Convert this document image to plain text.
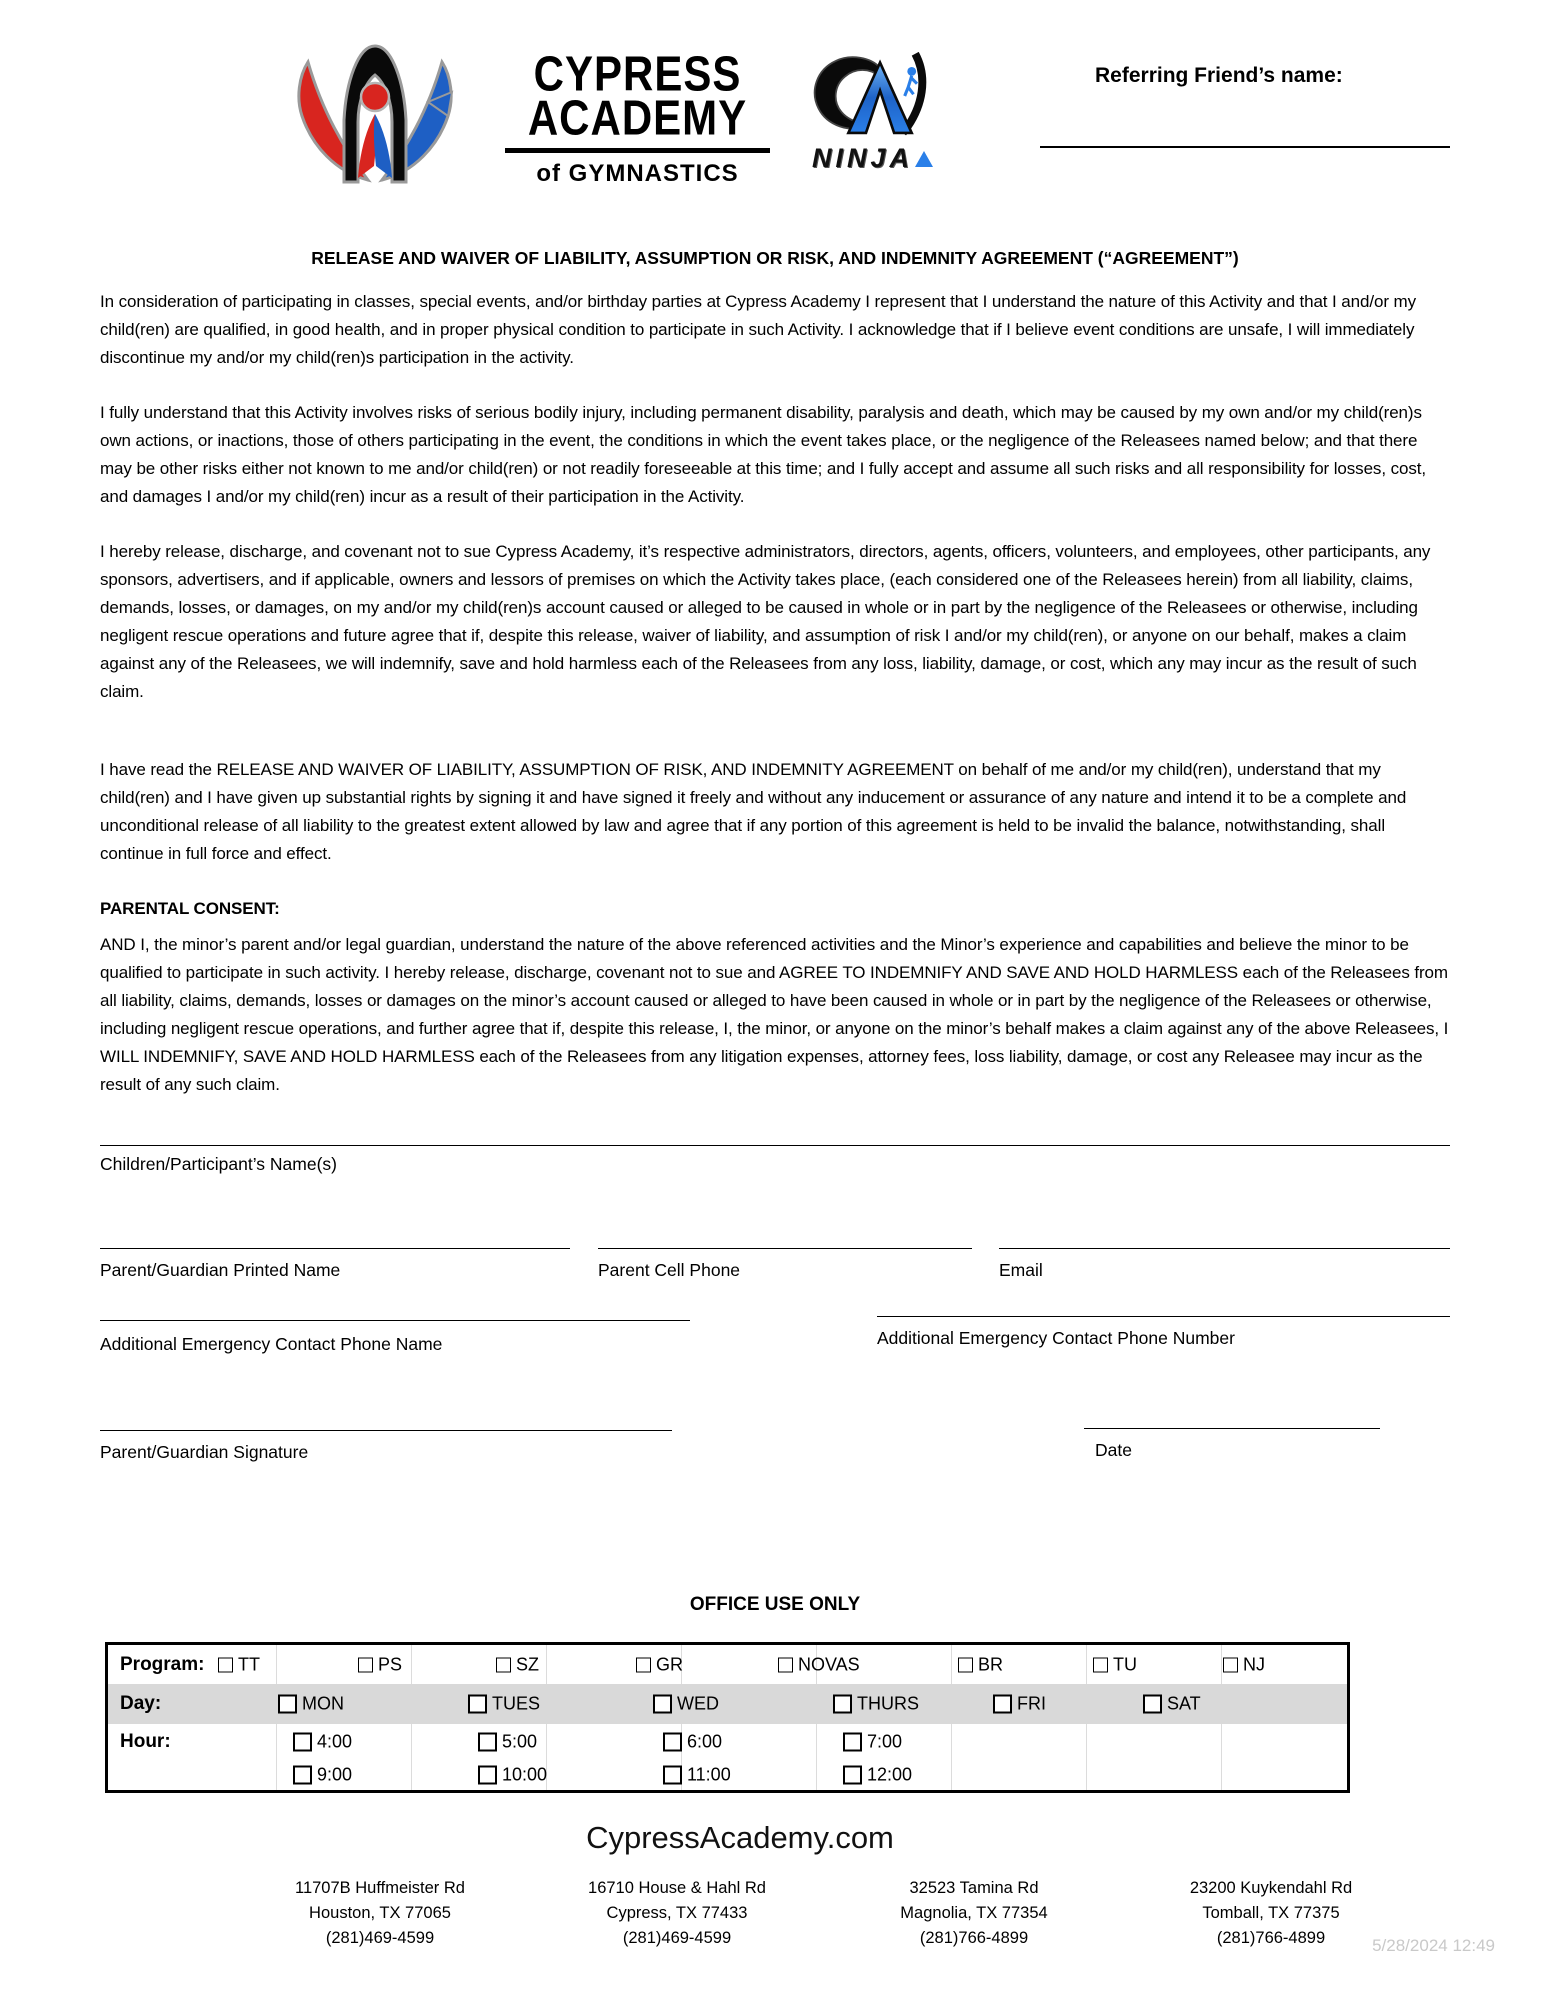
CYPRESS
ACADEMY
of GYMNASTICS
NINJA
Referring Friend’s name:
RELEASE AND WAIVER OF LIABILITY, ASSUMPTION OR RISK, AND INDEMNITY AGREEMENT (“AGREEMENT”)

In consideration of participating in classes, special events, and/or birthday parties at Cypress Academy I represent that I understand the nature of this Activity and that I and/or my child(ren) are qualified, in good health, and in proper physical condition to participate in such Activity. I acknowledge that if I believe event conditions are unsafe, I will immediately discontinue my and/or my child(ren)s participation in the activity.

I fully understand that this Activity involves risks of serious bodily injury, including permanent disability, paralysis and death, which may be caused by my own and/or my child(ren)s own actions, or inactions, those of others participating in the event, the conditions in which the event takes place, or the negligence of the Releasees named below; and that there may be other risks either not known to me and/or child(ren) or not readily foreseeable at this time; and I fully accept and assume all such risks and all responsibility for losses, cost, and damages I and/or my child(ren) incur as a result of their participation in the Activity.

I hereby release, discharge, and covenant not to sue Cypress Academy, it’s respective administrators, directors, agents, officers, volunteers, and employees, other participants, any sponsors, advertisers, and if applicable, owners and lessors of premises on which the Activity takes place, (each considered one of the Releasees herein) from all liability, claims, demands, losses, or damages, on my and/or my child(ren)s account caused or alleged to be caused in whole or in part by the negligence of the Releasees or otherwise, including negligent rescue operations and future agree that if, despite this release, waiver of liability, and assumption of risk I and/or my child(ren), or anyone on our behalf, makes a claim against any of the Releasees, we will indemnify, save and hold harmless each of the Releasees from any loss, liability, damage, or cost, which any may incur as the result of such claim.

I have read the RELEASE AND WAIVER OF LIABILITY, ASSUMPTION OF RISK, AND INDEMNITY AGREEMENT on behalf of me and/or my child(ren), understand that my child(ren) and I have given up substantial rights by signing it and have signed it freely and without any inducement or assurance of any nature and intend it to be a complete and unconditional release of all liability to the greatest extent allowed by law and agree that if any portion of this agreement is held to be invalid the balance, notwithstanding, shall continue in full force and effect.

PARENTAL CONSENT:

AND I, the minor’s parent and/or legal guardian, understand the nature of the above referenced activities and the Minor’s experience and capabilities and believe the minor to be qualified to participate in such activity. I hereby release, discharge, covenant not to sue and AGREE TO INDEMNIFY AND SAVE AND HOLD HARMLESS each of the Releasees from all liability, claims, demands, losses or damages on the minor’s account caused or alleged to have been caused in whole or in part by the negligence of the Releasees or otherwise, including negligent rescue operations, and further agree that if, despite this release, I, the minor, or anyone on the minor’s behalf makes a claim against any of the above Releasees, I WILL INDEMNIFY, SAVE AND HOLD HARMLESS each of the Releasees from any litigation expenses, attorney fees, loss liability, damage, or cost any Releasee may incur as the result of any such claim.

Children/Participant’s Name(s)
Parent/Guardian Printed Name	Parent Cell Phone	Email
Additional Emergency Contact Phone Name	Additional Emergency Contact Phone Number
Parent/Guardian Signature	Date
OFFICE USE ONLY
Program: TT	PS	SZ	GR	NOVAS	BR	TU	NJ
Day:	MON	TUES	WED	THURS	FRI	SAT
Hour:	4:00	5:00	6:00	7:00
9:00	10:00	11:00	12:00
CypressAcademy.com
11707B Huffmeister Rd
Houston, TX 77065
(281)469-4599
16710 House & Hahl Rd
Cypress, TX 77433
(281)469-4599
32523 Tamina Rd
Magnolia, TX 77354
(281)766-4899
23200 Kuykendahl Rd
Tomball, TX 77375
(281)766-4899	5/28/2024 12:49
